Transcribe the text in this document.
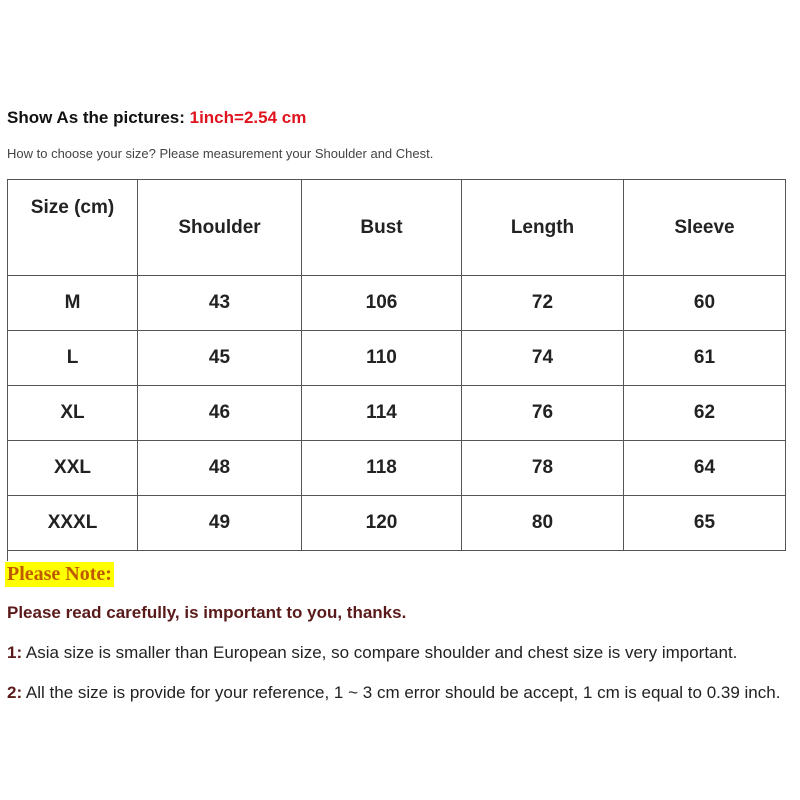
Show As the pictures: 1inch=2.54 cm
How to choose your size? Please measurement your Shoulder and Chest.
Size (cm)	Shoulder	Bust	Length	Sleeve
M	43	106	72	60
L	45	110	74	61
XL	46	114	76	62
XXL	48	118	78	64
XXXL	49	120	80	65
Please Note:
Please read carefully, is important to you, thanks.
1: Asia size is smaller than European size, so compare shoulder and chest size is very important.
2: All the size is provide for your reference, 1 ~ 3 cm error should be accept, 1 cm is equal to 0.39 inch.
